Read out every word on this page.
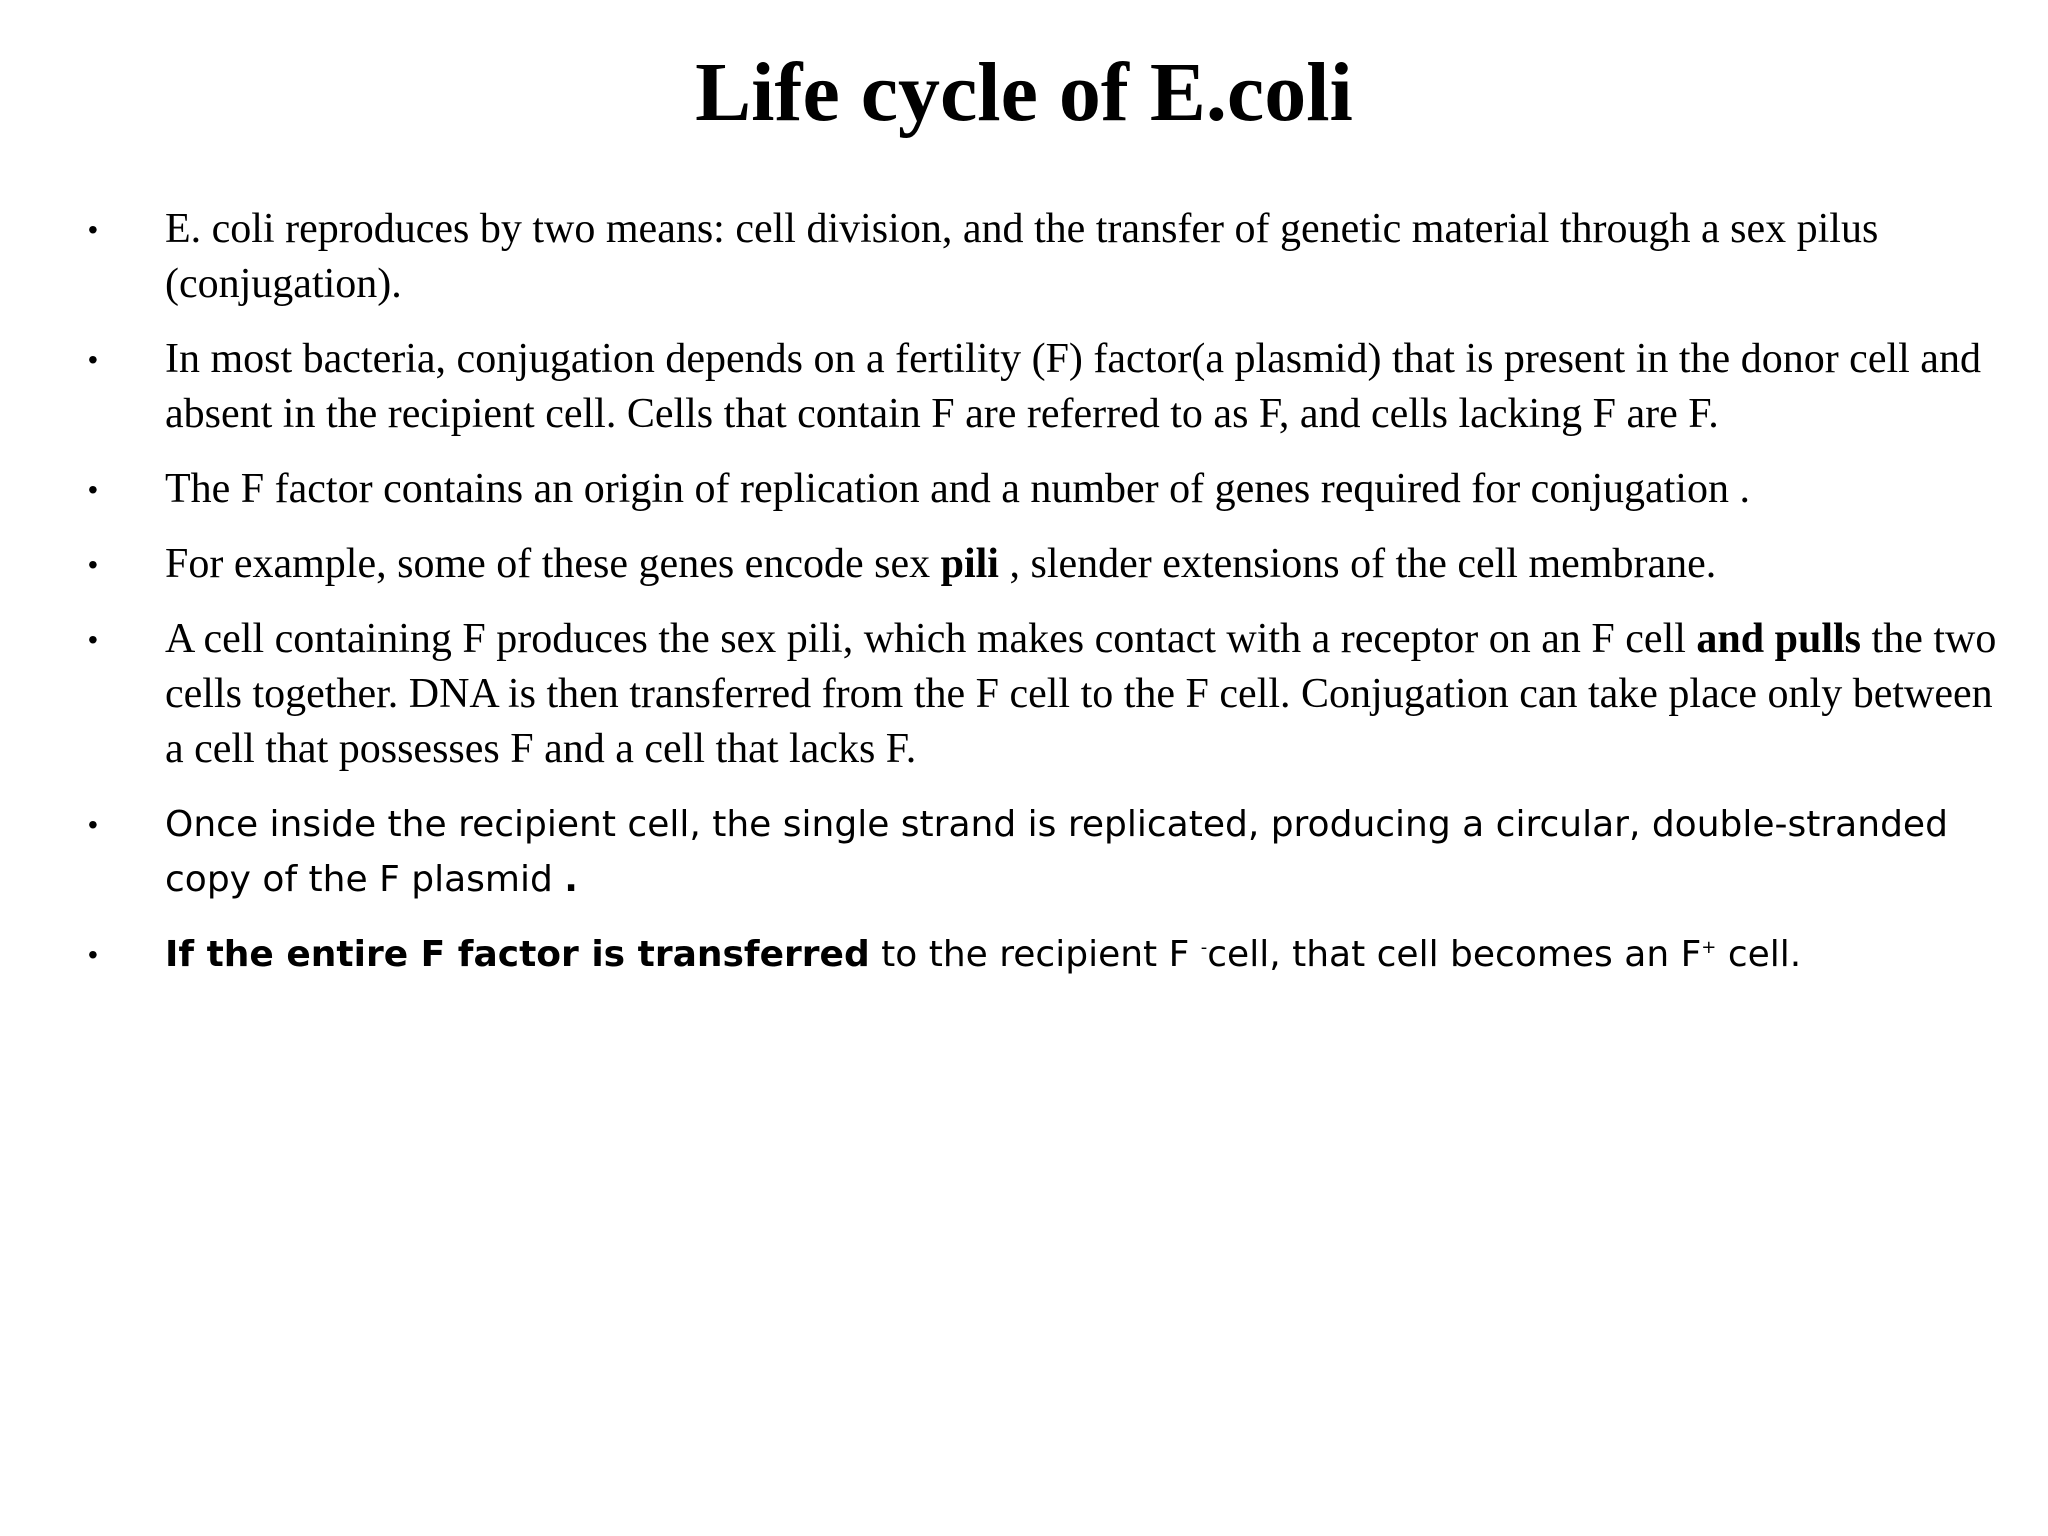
Life cycle of E.coli
• E. coli reproduces by two means: cell division, and the transfer of genetic material through a sex pilus (conjugation).
• In most bacteria, conjugation depends on a fertility (F) factor(a plasmid) that is present in the donor cell and absent in the recipient cell. Cells that contain F are referred to as F, and cells lacking F are F.
• The F factor contains an origin of replication and a number of genes required for conjugation .
• For example, some of these genes encode sex pili , slender extensions of the cell membrane.
• A cell containing F produces the sex pili, which makes contact with a receptor on an F cell and pulls the two cells together. DNA is then transferred from the F cell to the F cell. Conjugation can take place only between a cell that possesses F and a cell that lacks F.
• Once inside the recipient cell, the single strand is replicated, producing a circular, double-stranded copy of the F plasmid .
• If the entire F factor is transferred to the recipient F -cell, that cell becomes an F+ cell.
